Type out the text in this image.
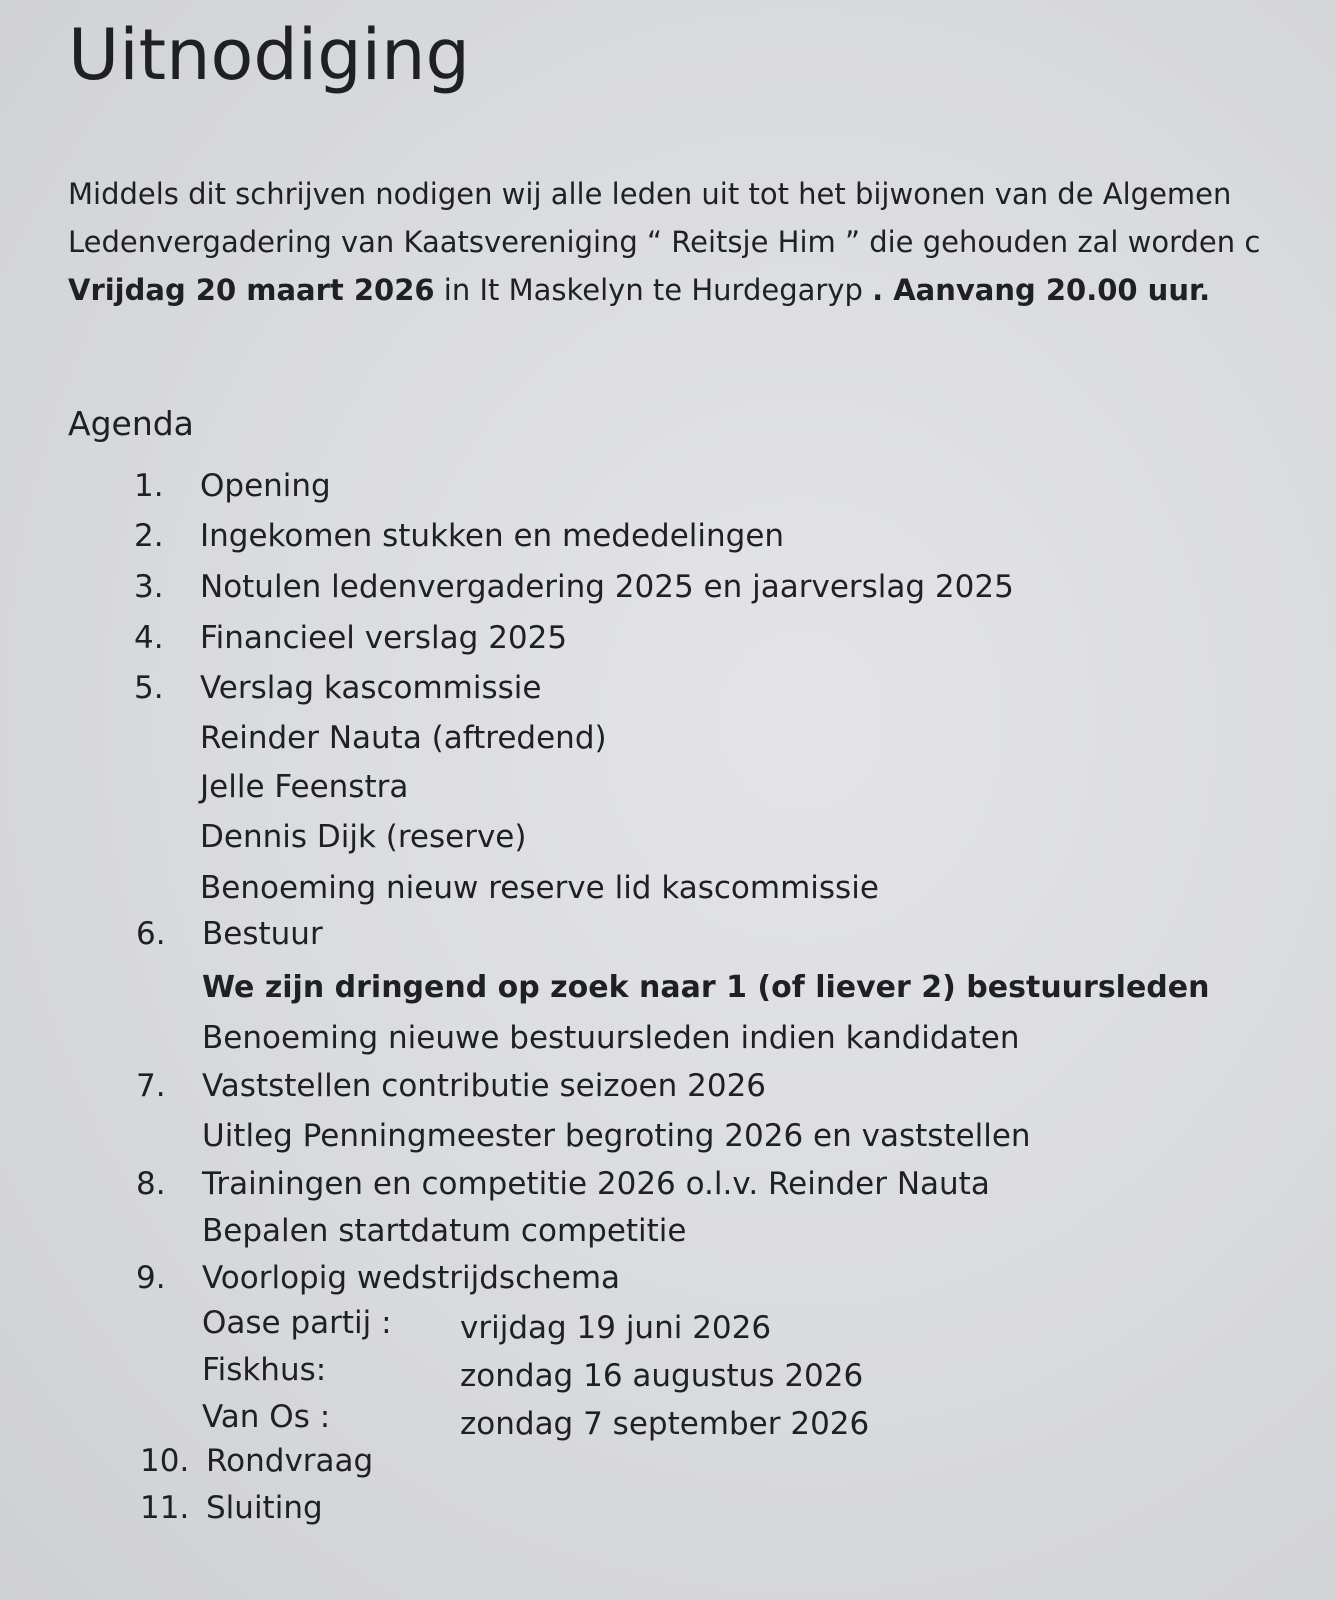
Uitnodiging
Middels dit schrijven nodigen wij alle leden uit tot het bijwonen van de Algemen
Ledenvergadering van Kaatsvereniging “ Reitsje Him ” die gehouden zal worden c
Vrijdag 20 maart 2026 in It Maskelyn te Hurdegaryp . Aanvang 20.00 uur.
Agenda
1. Opening
2. Ingekomen stukken en mededelingen
3. Notulen ledenvergadering 2025 en jaarverslag 2025
4. Financieel verslag 2025
5. Verslag kascommissie
Reinder Nauta (aftredend)
Jelle Feenstra
Dennis Dijk (reserve)
Benoeming nieuw reserve lid kascommissie
6. Bestuur
We zijn dringend op zoek naar 1 (of liever 2) bestuursleden
Benoeming nieuwe bestuursleden indien kandidaten
7. Vaststellen contributie seizoen 2026
Uitleg Penningmeester begroting 2026 en vaststellen
8. Trainingen en competitie 2026 o.l.v. Reinder Nauta
Bepalen startdatum competitie
9. Voorlopig wedstrijdschema
Oase partij : vrijdag 19 juni 2026
Fiskhus:	zondag 16 augustus 2026
Van Os :	zondag 7 september 2026
10. Rondvraag
11. Sluiting
